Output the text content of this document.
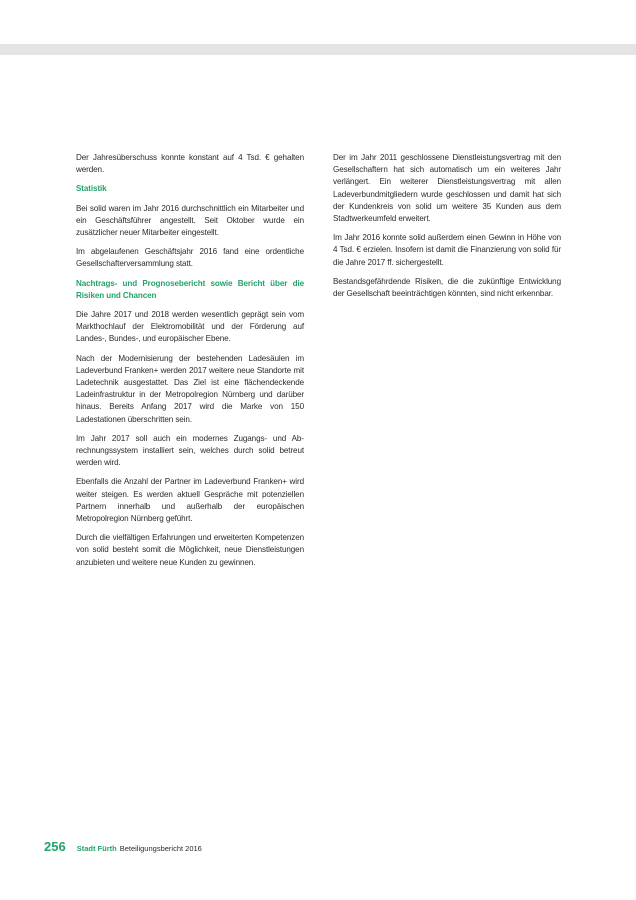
Der Jahresüberschuss konnte konstant auf 4 Tsd. € gehalten werden.

Statistik

Bei solid waren im Jahr 2016 durchschnittlich ein Mitarbeiter und ein Geschäftsführer angestellt. Seit Oktober wurde ein zusätzlicher neuer Mitarbeiter eingestellt.

Im abgelaufenen Geschäftsjahr 2016 fand eine ordentliche Gesellschafterversammlung statt.

Nachtrags- und Prognosebericht sowie Bericht über die Risiken und Chancen

Die Jahre 2017 und 2018 werden wesentlich geprägt sein vom Markthochlauf der Elektromobilität und der Förderung auf Landes-, Bundes-, und europäischer Ebene.

Nach der Modernisierung der bestehenden Ladesäulen im Ladeverbund Franken+ werden 2017 weitere neue Standorte mit Ladetechnik ausgestattet. Das Ziel ist eine flächendeckende Ladeinfrastruktur in der Metropolregion Nürnberg und darüber hinaus. Bereits Anfang 2017 wird die Marke von 150 Ladestationen überschritten sein.

Im Jahr 2017 soll auch ein modernes Zugangs- und Abrechnungssystem installiert sein, welches durch solid betreut werden wird.

Ebenfalls die Anzahl der Partner im Ladeverbund Franken+ wird weiter steigen. Es werden aktuell Gespräche mit potenziellen Partnern innerhalb und außerhalb der europäischen Metropolregion Nürnberg geführt.

Durch die vielfältigen Erfahrungen und erweiterten Kompetenzen von solid besteht somit die Möglichkeit, neue Dienstleistungen anzubieten und weitere neue Kunden zu gewinnen.

Der im Jahr 2011 geschlossene Dienstleistungsvertrag mit den Gesellschaftern hat sich automatisch um ein weiteres Jahr verlängert. Ein weiterer Dienstleistungsvertrag mit allen Ladeverbundmitgliedern wurde geschlossen und damit hat sich der Kundenkreis von solid um weitere 35 Kunden aus dem Stadtwerkeumfeld erweitert.

Im Jahr 2016 konnte solid außerdem einen Gewinn in Höhe von 4 Tsd. € erzielen. Insofern ist damit die Finanzierung von solid für die Jahre 2017 ff. sichergestellt.

Bestandsgefährdende Risiken, die die zukünftige Entwicklung der Gesellschaft beeinträchtigen könnten, sind nicht erkennbar.

256 Stadt Fürth Beteiligungsbericht 2016
